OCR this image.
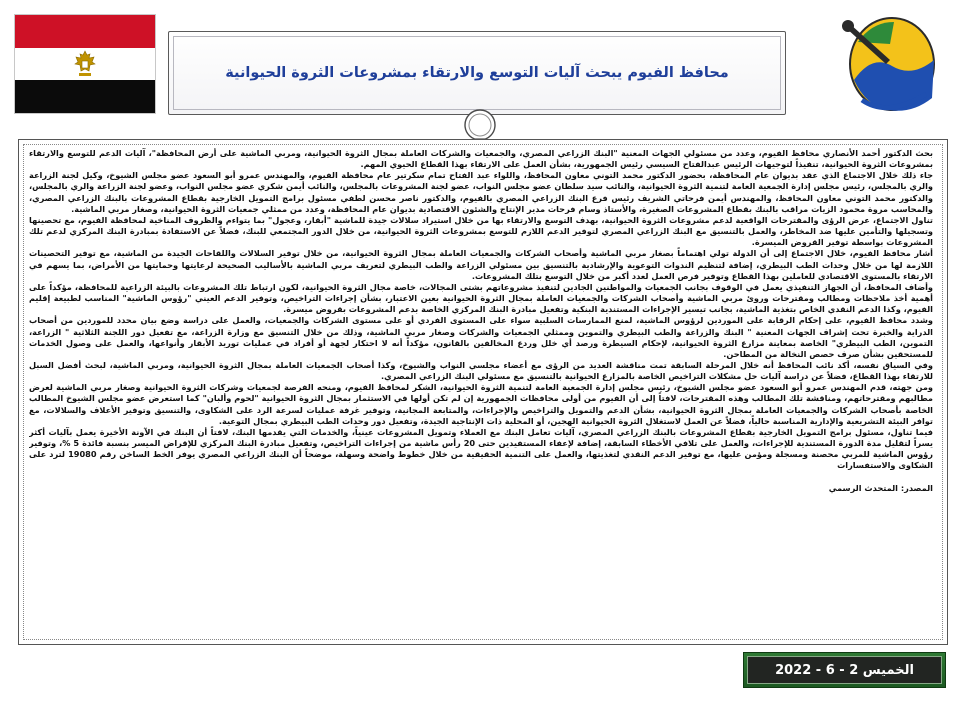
محافظ الفيوم يبحث آليات التوسع والارتقاء بمشروعات الثروة الحيوانية

بحث الدكتور أحمد الأنصاري محافظ الفيوم، وعدد من مسئولي الجهات المعنية "البنك الزراعي المصري، والجمعيات والشركات العاملة بمجال الثروة الحيوانية، ومربي الماشية على أرض المحافظة"، آليات الدعم للتوسع والارتقاء بمشروعات الثروة الحيوانية، تنفيذاً لتوجيهات الرئيس عبدالفتاح السيسي رئيس الجمهورية، بشأن العمل على الارتقاء بهذا القطاع الحيوي المهم.

جاء ذلك خلال الاجتماع الذي عقد بديوان عام المحافظة، بحضور الدكتور محمد التوني معاون المحافظ، واللواء عبد الفتاح تمام سكرتير عام محافظة الفيوم، والمهندس عمرو أبو السعود عضو مجلس الشيوخ، وكيل لجنة الزراعة والري بالمجلس، رئيس مجلس إدارة الجمعية العامة لتنمية الثروة الحيوانية، والنائب سيد سلطان عضو مجلس النواب، عضو لجنة المشروعات بالمجلس، والنائب أيمن شكري عضو مجلس النواب، وعضو لجنة الزراعة والري بالمجلس، والدكتور محمد التوني معاون المحافظ، والمهندس أيمن فرحاتي الشريف رئيس فرع البنك الزراعي المصري بالفيوم، والدكتور ناصر محسن لطفي مسئول برامج التمويل الخارجية بقطاع المشروعات بالبنك الزراعي المصري، والمحاسب مروة محمود الزيات مراقب بالبنك بقطاع المشروعات الصغيرة، والأستاذ وسام فرحات مدير الإنتاج والشئون الاقتصادية بديوان عام المحافظة، وعدد من ممثلي جمعيات الثروة الحيوانية، وصغار مربي الماشية.

تناول الاجتماع، عرض الرؤى والمقترحات الواقعية لدعم مشروعات الثروة الحيوانية، بهدف التوسع والارتقاء بها من خلال استيراد سلالات جيدة للماشية "أبقار، وعجول" بما يتواءم والظروف المناخية لمحافظة الفيوم، مع تحصينها وتسجيلها والتأمين عليها ضد المخاطر، والعمل بالتنسيق مع البنك الزراعي المصري لتوفير الدعم اللازم للتوسع بمشروعات الثروة الحيوانية، من خلال الدور المجتمعي للبنك، فضلاً عن الاستفادة بمبادرة البنك المركزي لدعم تلك المشروعات بواسطة توفير القروض الميسرة.

أشار محافظ الفيوم، خلال الاجتماع إلى أن الدولة تولي اهتماماً بصغار مربي الماشية وأصحاب الشركات والجمعيات العاملة بمجال الثروة الحيوانية، من خلال توفير السلالات واللقاحات الجيدة من الماشية، مع توفير التحصينات اللازمة لها من خلال وحدات الطب البيطري، إضافة لتنظيم الندوات التوعوية والإرشادية بالتنسيق بين مسئولي الزراعة والطب البيطري لتعريف مربي الماشية بالأساليب الصحيحة لرعايتها وحمايتها من الأمراض، بما يسهم في الارتقاء بالمستوى الاقتصادي للعاملين بهذا القطاع وتوفير فرص العمل لعدد أكبر من خلال التوسع بتلك المشروعات.

وأضاف المحافظ، أن الجهاز التنفيذي يعمل في الوقوف بجانب الجمعيات والمواطنين الجادين لتنفيذ مشروعاتهم بشتى المجالات، خاصة مجال الثروة الحيوانية، لكون ارتباط تلك المشروعات بالبيئة الزراعية للمحافظة، مؤكداً على أهمية أخذ ملاحظات ومطالب ومقترحات وروئ مربي الماشية وأصحاب الشركات والجمعيات العاملة بمجال الثروة الحيوانية بعين الاعتبار، بشأن إجراءات التراخيص، وتوفير الدعم العيني "رؤوس الماشية" المناسب لطبيعة إقليم الفيوم، وكذا الدعم النقدي الخاص بتغذية الماشية، بجانب تيسير الإجراءات المستندية البنكية وتفعيل مبادرة البنك المركزي الخاصة بدعم المشروعات بقروض ميسرة.

وشدد محافظ الفيوم، على إحكام الرقابة على الموردين لرؤوس الماشية، لمنع الممارسات السلبية سواء على المستوى الفردي أو على مستوى الشركات والجمعيات، والعمل على دراسة وضع بيان محدد للموردين من أصحاب الدراية والخبرة تحت إشراف الجهات المعنية " البنك والزراعة والطب البيطري والتموين وممثلي الجمعيات والشركات وصغار مربي الماشية، وذلك من خلال التنسيق مع وزارة الزراعة، مع تفعيل دور اللجنة الثلاثية " الزراعة، التموين، الطب البيطري" الخاصة بمعاينة مزارع الثروة الحيوانية، لإحكام السيطرة ورصد أي خلل وردع المخالفين بالقانون، مؤكداً أنه لا احتكار لجهة أو أفراد في عمليات توريد الأبقار وأنواعها، والعمل على وصول الخدمات للمستحقين بشأن صرف حصص النخالة من المطاحن.

وفي السياق نفسه، أكد نائب المحافظ أنه خلال المرحلة السابقة تمت مناقشة العديد من الرؤى مع أعضاء مجلسي النواب والشيوخ، وكذا أصحاب الجمعيات العاملة بمجال الثروة الحيوانية، ومربي الماشية، لبحث أفضل السبل للارتقاء بهذا القطاع، فضلاً عن دراسة آليات حل مشكلات التراخيص الخاصة بالمزارع الحيوانية بالتنسيق مع مسئولي البنك الزراعي المصري.

ومن جهته، قدم المهندس عمرو أبو السعود عضو مجلس الشيوخ، رئيس مجلس إدارة الجمعية العامة لتنمية الثروة الحيوانية، الشكر لمحافظ الفيوم، ومنحه الفرصة لجمعيات وشركات الثروة الحيوانية وصغار مربي الماشية لعرض مطالبهم ومقترحاتهم، ومناقشة تلك المطالب وهذه المقترحات، لافتاً إلى أن الفيوم من أولى محافظات الجمهورية إن لم تكن أولها في الاستثمار بمجال الثروة الحيوانية "لحوم وألبان" كما استعرض عضو مجلس الشيوخ المطالب الخاصة بأصحاب الشركات والجمعيات العاملة بمجال الثروة الحيوانية، بشأن الدعم والتمويل والتراخيص والإجراءات، والمتابعة المجانية، وتوفير غرفة عمليات لسرعة الرد على الشكاوى، والتنسيق وتوفير الأعلاف والسلالات، مع توافر البيئة التشريعية والإدارية المناسبة حالياً، فضلاً عن العمل لاستغلال الثروة الحيوانية الهجين، أو المحلية ذات الإنتاجية الجيدة، وتفعيل دور وحدات الطب البيطري بمجال التوعية.

فيما تناول، مسئول برامج التمويل الخارجية بقطاع المشروعات بالبنك الزراعي المصري، آليات تعامل البنك مع العملاء وتمويل المشروعات عينياً، والخدمات التي يقدمها البنك، لافتاً أن البنك في الآونة الأخيرة يعمل بآليات أكثر يسراً لتقليل مدة الدورة المستندية للإجراءات، والعمل على تلافي الأخطاء السابقة، إضافة لإعفاء المستفيدين حتى 20 رأس ماشية من إجراءات التراخيص، وتفعيل مبادرة البنك المركزي للإقراض الميسر بنسبة فائدة 5 %، وتوفير رؤوس الماشية للمربي محصنة ومسجلة ومؤمن عليها، مع توفير الدعم النقدي لتغذيتها، والعمل على التنمية الحقيقية من خلال خطوط واضحة وسهلة، موضحاً أن البنك الزراعي المصري يوفر الخط الساخن رقم 19080 لترد على الشكاوى والاستفسارات

المصدر: المتحدث الرسمي

الخميس 2 - 6 - 2022
